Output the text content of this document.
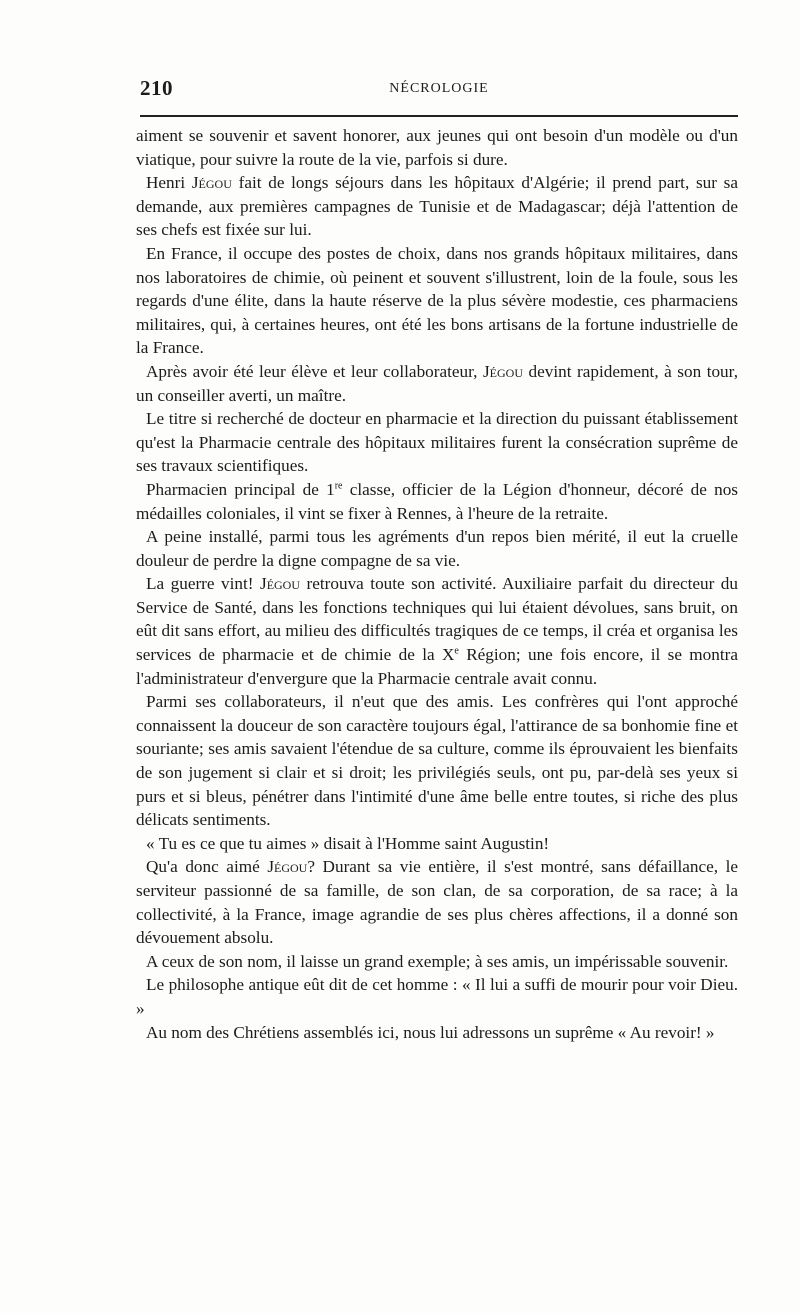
210	NÉCROLOGIE

aiment se souvenir et savent honorer, aux jeunes qui ont besoin d'un modèle ou d'un viatique, pour suivre la route de la vie, parfois si dure.

Henri Jégou fait de longs séjours dans les hôpitaux d'Algérie; il prend part, sur sa demande, aux premières campagnes de Tunisie et de Madagascar; déjà l'attention de ses chefs est fixée sur lui.

En France, il occupe des postes de choix, dans nos grands hôpitaux militaires, dans nos laboratoires de chimie, où peinent et souvent s'illustrent, loin de la foule, sous les regards d'une élite, dans la haute réserve de la plus sévère modestie, ces pharmaciens militaires, qui, à certaines heures, ont été les bons artisans de la fortune industrielle de la France.

Après avoir été leur élève et leur collaborateur, Jégou devint rapidement, à son tour, un conseiller averti, un maître.

Le titre si recherché de docteur en pharmacie et la direction du puissant établissement qu'est la Pharmacie centrale des hôpitaux militaires furent la consécration suprême de ses travaux scientifiques.

Pharmacien principal de 1re classe, officier de la Légion d'honneur, décoré de nos médailles coloniales, il vint se fixer à Rennes, à l'heure de la retraite.

A peine installé, parmi tous les agréments d'un repos bien mérité, il eut la cruelle douleur de perdre la digne compagne de sa vie.

La guerre vint! Jégou retrouva toute son activité. Auxiliaire parfait du directeur du Service de Santé, dans les fonctions techniques qui lui étaient dévolues, sans bruit, on eût dit sans effort, au milieu des difficultés tragiques de ce temps, il créa et organisa les services de pharmacie et de chimie de la Xe Région; une fois encore, il se montra l'administrateur d'envergure que la Pharmacie centrale avait connu.

Parmi ses collaborateurs, il n'eut que des amis. Les confrères qui l'ont approché connaissent la douceur de son caractère toujours égal, l'attirance de sa bonhomie fine et souriante; ses amis savaient l'étendue de sa culture, comme ils éprouvaient les bienfaits de son jugement si clair et si droit; les privilégiés seuls, ont pu, par-delà ses yeux si purs et si bleus, pénétrer dans l'intimité d'une âme belle entre toutes, si riche des plus délicats sentiments.

« Tu es ce que tu aimes » disait à l'Homme saint Augustin!

Qu'a donc aimé Jégou? Durant sa vie entière, il s'est montré, sans défaillance, le serviteur passionné de sa famille, de son clan, de sa corporation, de sa race; à la collectivité, à la France, image agrandie de ses plus chères affections, il a donné son dévouement absolu.

A ceux de son nom, il laisse un grand exemple; à ses amis, un impérissable souvenir.

Le philosophe antique eût dit de cet homme : « Il lui a suffi de mourir pour voir Dieu. »

Au nom des Chrétiens assemblés ici, nous lui adressons un suprême « Au revoir! »
